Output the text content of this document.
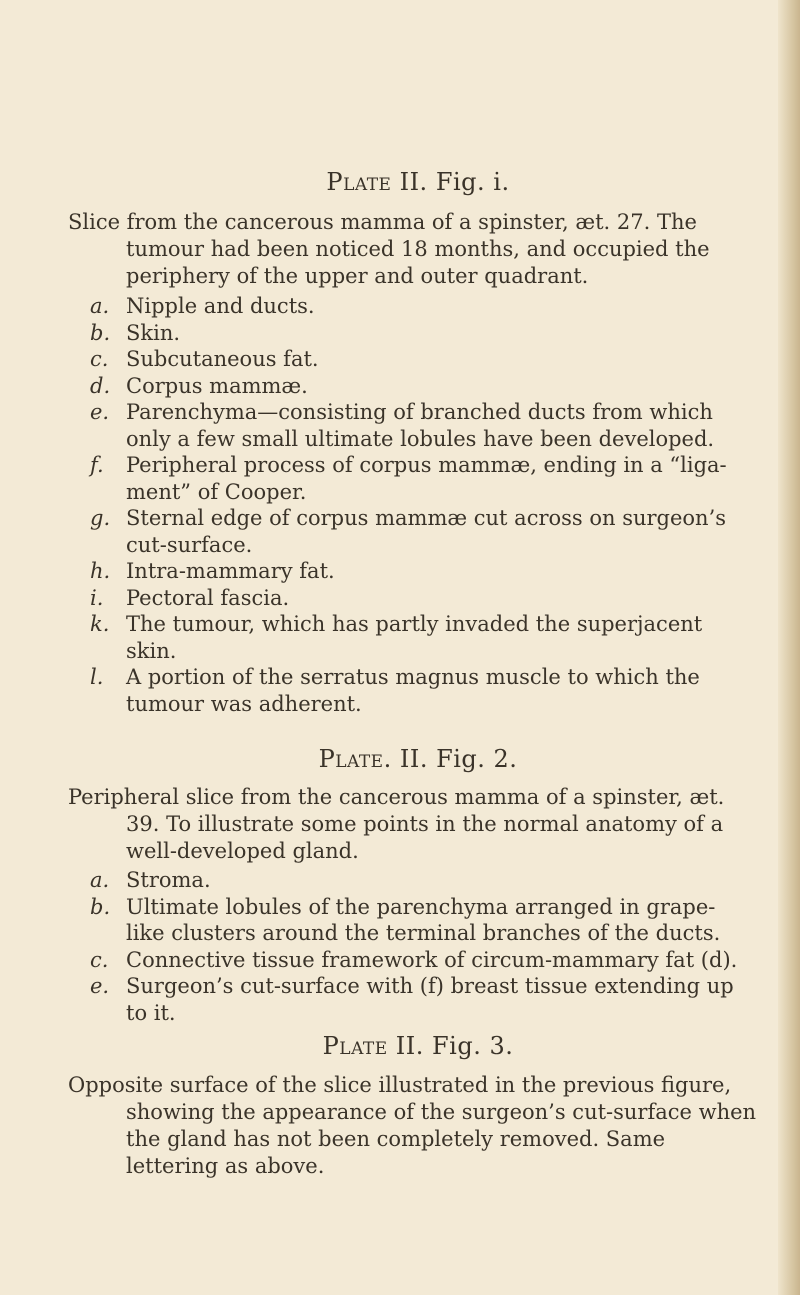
Plate II. Fig. i.
Slice from the cancerous mamma of a spinster, æt. 27. The tumour had been noticed 18 months, and occupied the periphery of the upper and outer quadrant.
a. Nipple and ducts.
b. Skin.
c. Subcutaneous fat.
d. Corpus mammæ.
e. Parenchyma—consisting of branched ducts from which only a few small ultimate lobules have been developed.
f. Peripheral process of corpus mammæ, ending in a “liga- ment” of Cooper.
g. Sternal edge of corpus mammæ cut across on surgeon’s cut-surface.
h. Intra-mammary fat.
i. Pectoral fascia.
k. The tumour, which has partly invaded the superjacent skin.
l. A portion of the serratus magnus muscle to which the tumour was adherent.
Plate. II. Fig. 2.
Peripheral slice from the cancerous mamma of a spinster, æt. 39. To illustrate some points in the normal anatomy of a well-developed gland.
a. Stroma.
b. Ultimate lobules of the parenchyma arranged in grape- like clusters around the terminal branches of the ducts.
c. Connective tissue framework of circum-mammary fat (d).
e. Surgeon’s cut-surface with (f) breast tissue extending up to it.
Plate II. Fig. 3.
Opposite surface of the slice illustrated in the previous figure, showing the appearance of the surgeon’s cut-surface when the gland has not been completely removed. Same lettering as above.
